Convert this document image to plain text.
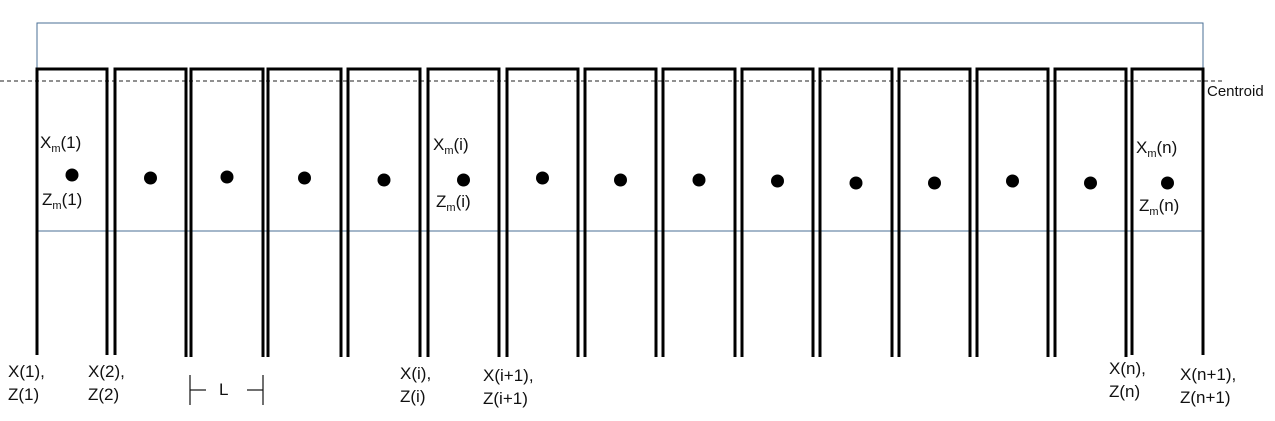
Centroid
L
$X_m(1)$
$Z_m(1)$
$X_m(i)$
$Z_m(i)$
$X_m(n)$
$Z_m(n)$
X(1),
Z(1)
X(2),
Z(2)
X(i),
Z(i)
X(i+1),
Z(i+1)
X(n),
Z(n)
X(n+1),
Z(n+1)
